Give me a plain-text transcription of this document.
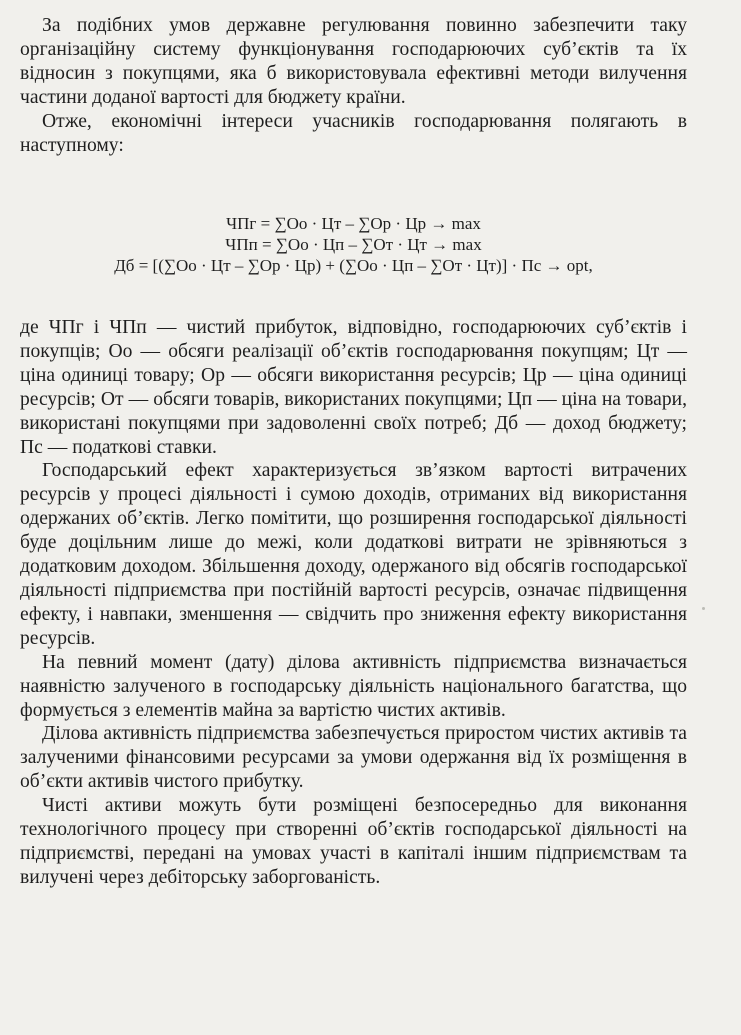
За подібних умов державне регулювання повинно забезпечити таку організаційну систему функціонування господарюючих суб’єктів та їх відносин з покупцями, яка б використовувала ефективні методи вилучення частини доданої вартості для бюджету країни.

Отже, економічні інтереси учасників господарювання полягають в наступному:

ЧПг = ∑Оо · Цт – ∑Ор · Цр → max
ЧПп = ∑Оо · Цп – ∑От · Цт → max
Дб = [(∑Оо · Цт – ∑Ор · Цр) + (∑Оо · Цп – ∑От · Цт)] · Пс → opt,

де ЧПг і ЧПп — чистий прибуток, відповідно, господарюючих суб’єктів і покупців; Оо — обсяги реалізації об’єктів господарювання покупцям; Цт — ціна одиниці товару; Ор — обсяги використання ресурсів; Цр — ціна одиниці ресурсів; От — обсяги товарів, використаних покупцями; Цп — ціна на товари, використані покупцями при задоволенні своїх потреб; Дб — доход бюджету; Пс — податкові ставки.

Господарський ефект характеризується зв’язком вартості витрачених ресурсів у процесі діяльності і сумою доходів, отриманих від використання одержаних об’єктів. Легко помітити, що розширення господарської діяльності буде доцільним лише до межі, коли додаткові витрати не зрівняються з додатковим доходом. Збільшення доходу, одержаного від обсягів господарської діяльності підприємства при постійній вартості ресурсів, означає підвищення ефекту, і навпаки, зменшення — свідчить про зниження ефекту використання ресурсів.

На певний момент (дату) ділова активність підприємства визначається наявністю залученого в господарську діяльність національного багатства, що формується з елементів майна за вартістю чистих активів.

Ділова активність підприємства забезпечується приростом чистих активів та залученими фінансовими ресурсами за умови одержання від їх розміщення в об’єкти активів чистого прибутку.

Чисті активи можуть бути розміщені безпосередньо для виконання технологічного процесу при створенні об’єктів господарської діяльності на підприємстві, передані на умовах участі в капіталі іншим підприємствам та вилучені через дебіторську заборгованість.
